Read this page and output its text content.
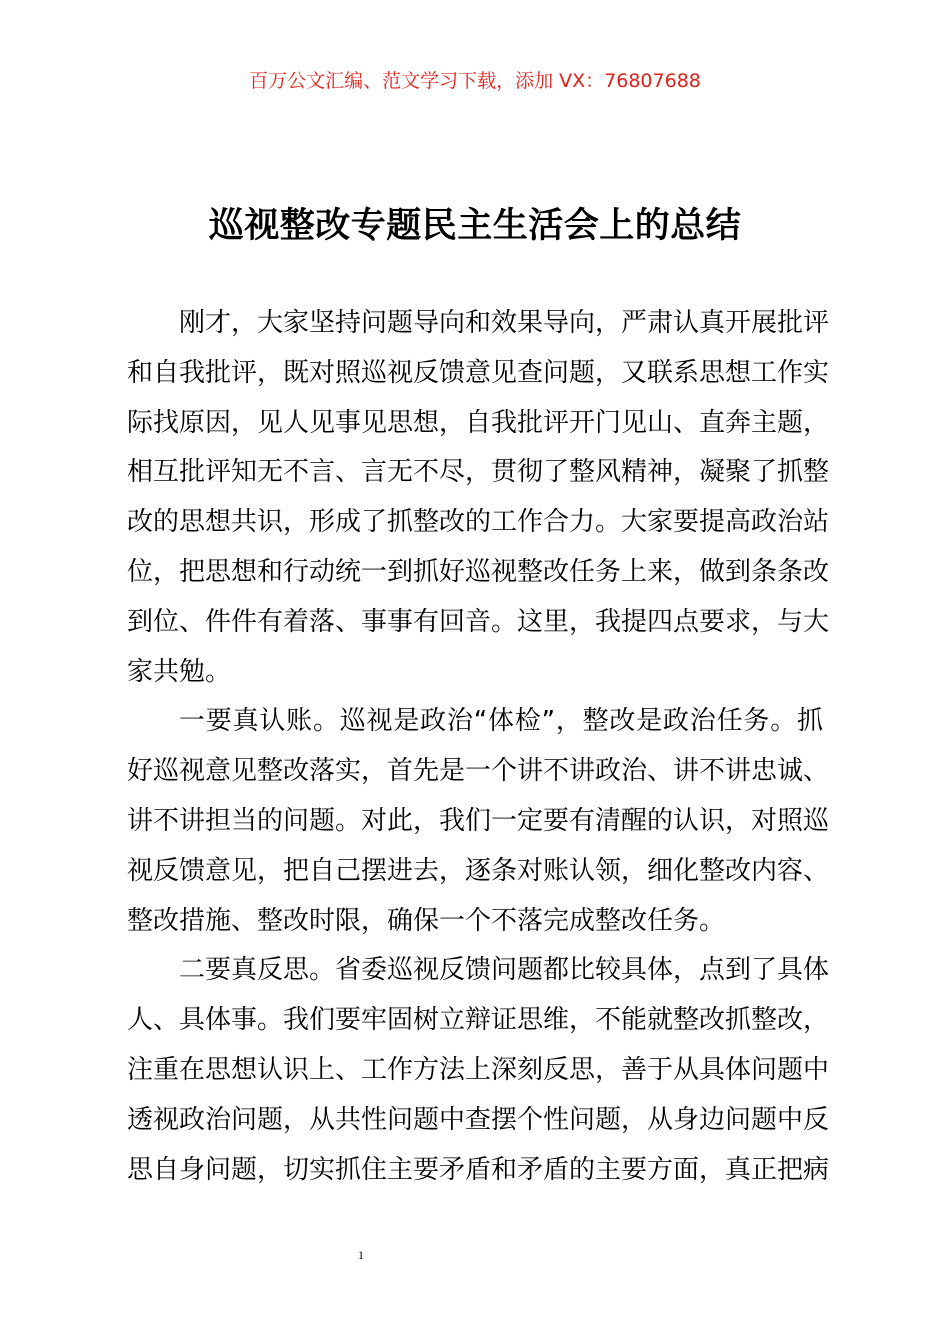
百万公文汇编、范文学习下载，添加 VX：76807688
巡视整改专题民主生活会上的总结
刚才，大家坚持问题导向和效果导向，严肃认真开展批评
和自我批评，既对照巡视反馈意见查问题，又联系思想工作实
际找原因，见人见事见思想，自我批评开门见山、直奔主题，
相互批评知无不言、言无不尽，贯彻了整风精神，凝聚了抓整
改的思想共识，形成了抓整改的工作合力。大家要提高政治站
位，把思想和行动统一到抓好巡视整改任务上来，做到条条改
到位、件件有着落、事事有回音。这里，我提四点要求，与大
家共勉。
一要真认账。巡视是政治“体检”，整改是政治任务。抓
好巡视意见整改落实，首先是一个讲不讲政治、讲不讲忠诚、
讲不讲担当的问题。对此，我们一定要有清醒的认识，对照巡
视反馈意见，把自己摆进去，逐条对账认领，细化整改内容、
整改措施、整改时限，确保一个不落完成整改任务。
二要真反思。省委巡视反馈问题都比较具体，点到了具体
人、具体事。我们要牢固树立辩证思维，不能就整改抓整改，
注重在思想认识上、工作方法上深刻反思，善于从具体问题中
透视政治问题，从共性问题中查摆个性问题，从身边问题中反
思自身问题，切实抓住主要矛盾和矛盾的主要方面，真正把病
1
